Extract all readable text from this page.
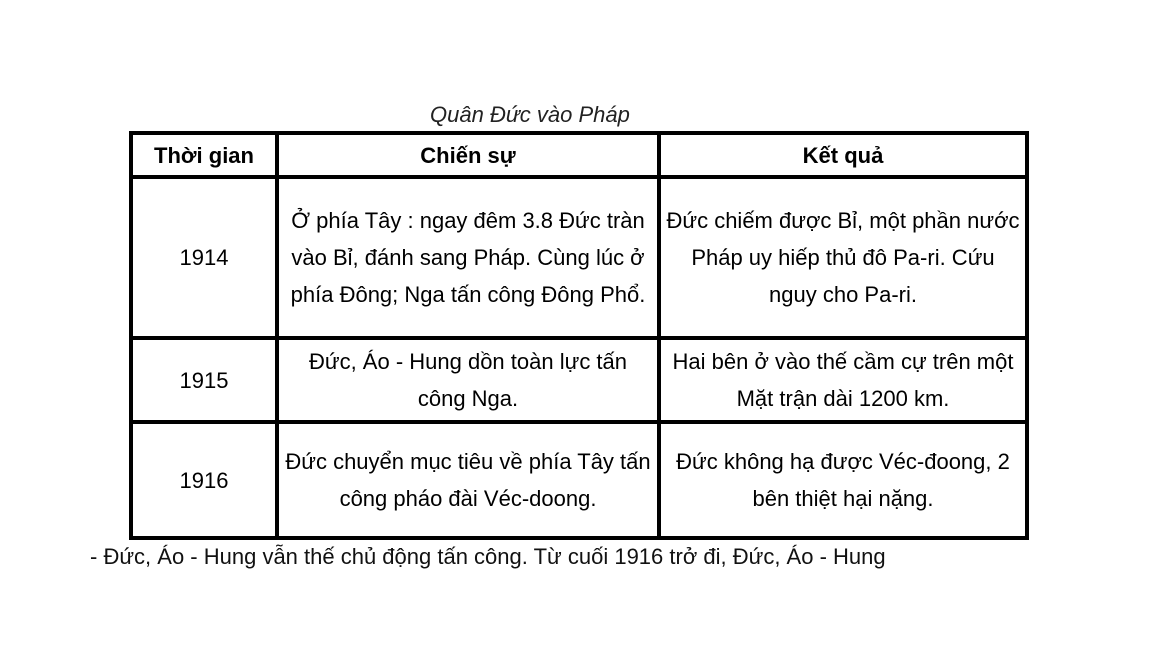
Quân Đức vào Pháp
Thời gian	Chiến sự	Kết quả
1914	Ở phía Tây : ngay đêm 3.8 Đức tràn vào Bỉ, đánh sang Pháp. Cùng lúc ở phía Đông; Nga tấn công Đông Phổ.	Đức chiếm được Bỉ, một phần nước Pháp uy hiếp thủ đô Pa-ri. Cứu nguy cho Pa-ri.
1915	Đức, Áo - Hung dồn toàn lực tấn công Nga.	Hai bên ở vào thế cầm cự trên một Mặt trận dài 1200 km.
1916	Đức chuyển mục tiêu về phía Tây tấn công pháo đài Véc-doong.	Đức không hạ được Véc-đoong, 2 bên thiệt hại nặng.
- Đức, Áo - Hung vẫn thế chủ động tấn công. Từ cuối 1916 trở đi, Đức, Áo - Hung
